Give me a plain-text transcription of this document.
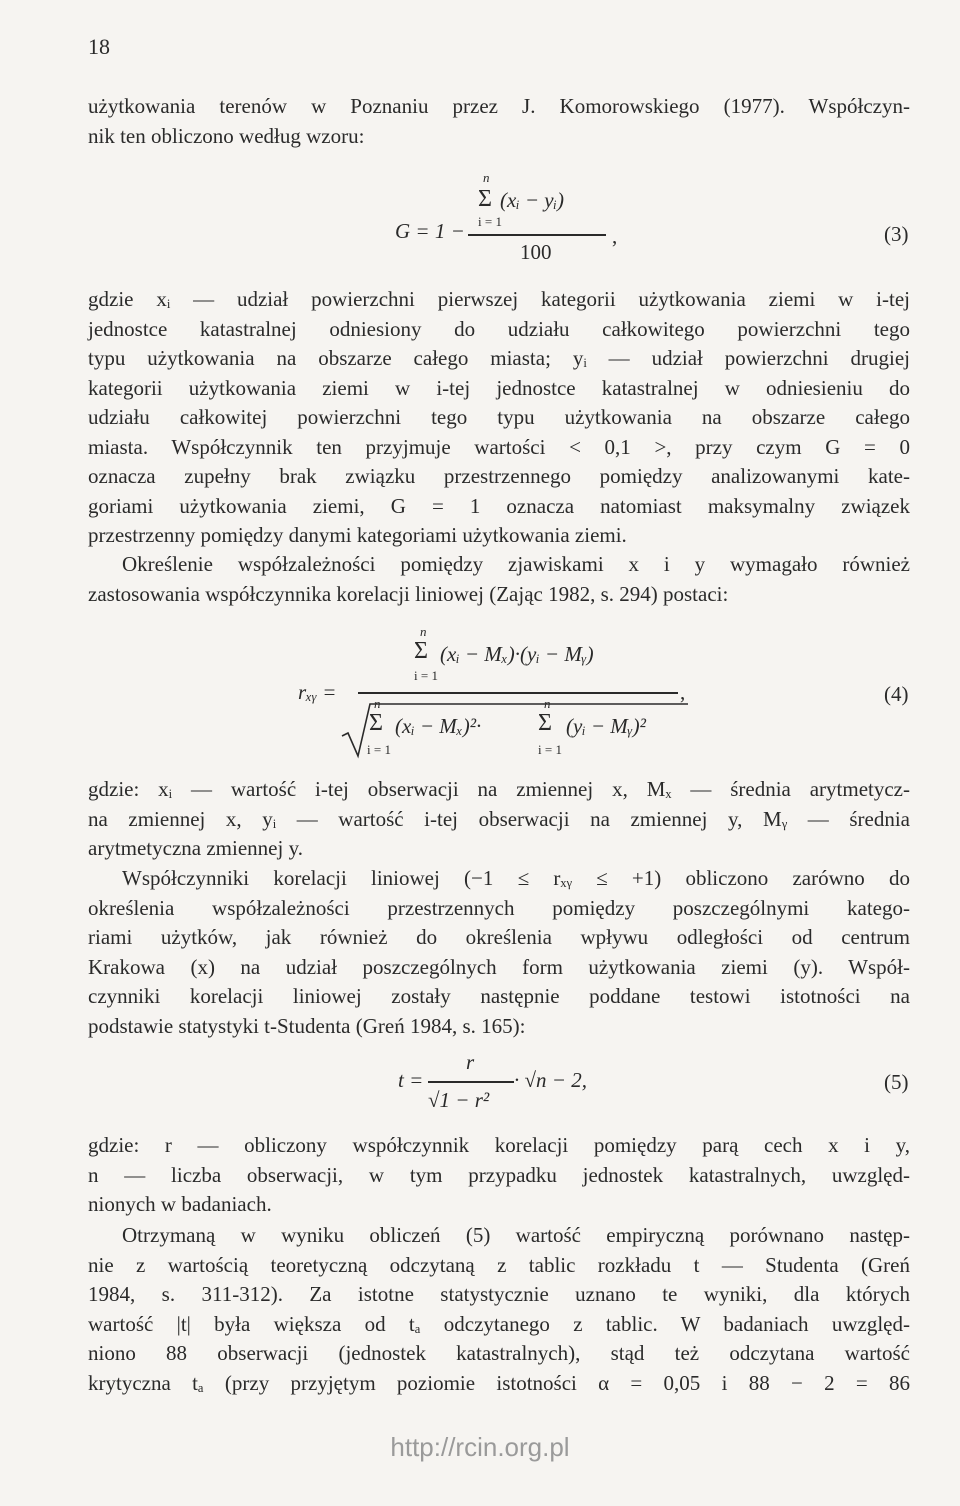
18
użytkowania terenów w Poznaniu przez J. Komorowskiego (1977). Współczyn-
nik ten obliczono według wzoru:
n
Σ (xᵢ − yᵢ)
i = 1
G = 1 −
100
,	(3)
gdzie xᵢ — udział powierzchni pierwszej kategorii użytkowania ziemi w i-tej
jednostce katastralnej odniesiony do udziału całkowitego powierzchni tego
typu użytkowania na obszarze całego miasta; yᵢ — udział powierzchni drugiej
kategorii użytkowania ziemi w i-tej jednostce katastralnej w odniesieniu do
udziału całkowitej powierzchni tego typu użytkowania na obszarze całego
miasta. Współczynnik ten przyjmuje wartości < 0,1 >, przy czym G = 0
oznacza zupełny brak związku przestrzennego pomiędzy analizowanymi kate-
goriami użytkowania ziemi, G = 1 oznacza natomiast maksymalny związek
przestrzenny pomiędzy danymi kategoriami użytkowania ziemi.
Określenie współzależności pomiędzy zjawiskami x i y wymagało również
zastosowania współczynnika korelacji liniowej (Zając 1982, s. 294) postaci:
n
Σ (xᵢ − Mₓ)·(yᵢ − Mᵧ)
i = 1
rₓᵧ =	,	(4)
n
Σ (xᵢ − Mₓ)²·
i = 1
n
Σ (yᵢ − Mᵧ)²
i = 1
gdzie: xᵢ — wartość i-tej obserwacji na zmiennej x, Mₓ — średnia arytmetycz-
na zmiennej x, yᵢ — wartość i-tej obserwacji na zmiennej y, Mᵧ — średnia
arytmetyczna zmiennej y.
Współczynniki korelacji liniowej (−1 ≤ rₓᵧ ≤ +1) obliczono zarówno do
określenia współzależności przestrzennych pomiędzy poszczególnymi katego-
riami użytków, jak również do określenia wpływu odległości od centrum
Krakowa (x) na udział poszczególnych form użytkowania ziemi (y). Współ-
czynniki korelacji liniowej zostały następnie poddane testowi istotności na
podstawie statystyki t-Studenta (Greń 1984, s. 165):
r
t =
√1 − r²
· √n − 2,	(5)
gdzie: r — obliczony współczynnik korelacji pomiędzy parą cech x i y,
n — liczba obserwacji, w tym przypadku jednostek katastralnych, uwzględ-
nionych w badaniach.
Otrzymaną w wyniku obliczeń (5) wartość empiryczną porównano następ-
nie z wartością teoretyczną odczytaną z tablic rozkładu t — Studenta (Greń
1984, s. 311-312). Za istotne statystycznie uznano te wyniki, dla których
wartość |t| była większa od tₐ odczytanego z tablic. W badaniach uwzględ-
niono 88 obserwacji (jednostek katastralnych), stąd też odczytana wartość
krytyczna tₐ (przy przyjętym poziomie istotności α = 0,05 i 88 − 2 = 86
http://rcin.org.pl
